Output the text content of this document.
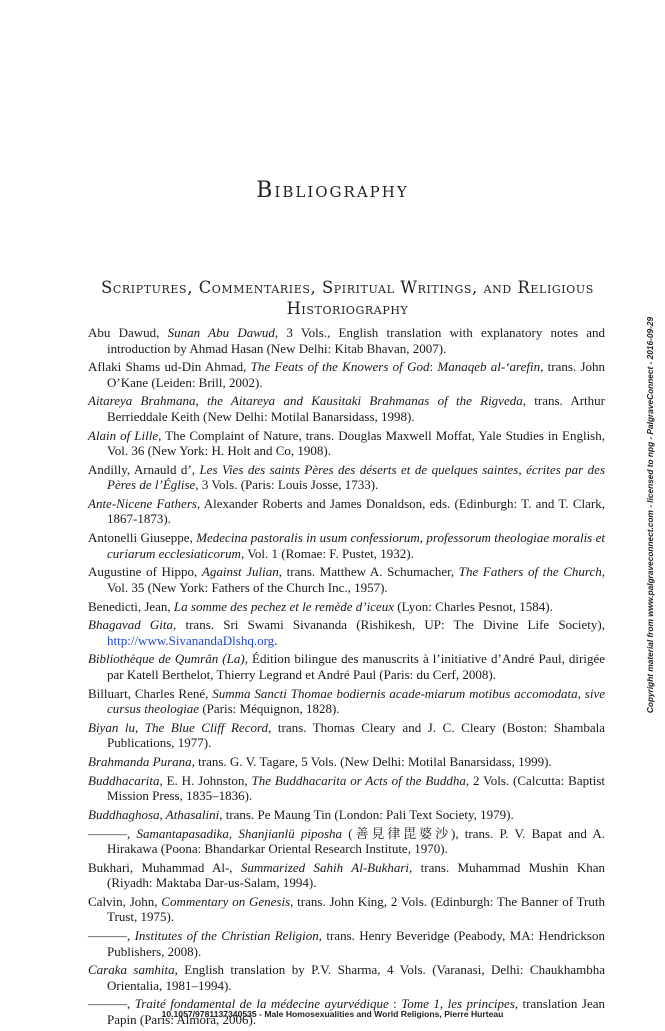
Bibliography
Scriptures, Commentaries, Spiritual Writings, and Religious Historiography

Abu Dawud, Sunan Abu Dawud, 3 Vols., English translation with explanatory notes and introduction by Ahmad Hasan (New Delhi: Kitab Bhavan, 2007).

Aflaki Shams ud-Din Ahmad, The Feats of the Knowers of God: Manaqeb al-‘arefin, trans. John O’Kane (Leiden: Brill, 2002).

Aitareya Brahmana, the Aitareya and Kausitaki Brahmanas of the Rigveda, trans. Arthur Berrieddale Keith (New Delhi: Motilal Banarsidass, 1998).

Alain of Lille, The Complaint of Nature, trans. Douglas Maxwell Moffat, Yale Studies in English, Vol. 36 (New York: H. Holt and Co, 1908).

Andilly, Arnauld d’, Les Vies des saints Pères des déserts et de quelques saintes, écrites par des Pères de l’Église, 3 Vols. (Paris: Louis Josse, 1733).

Ante-Nicene Fathers, Alexander Roberts and James Donaldson, eds. (Edinburgh: T. and T. Clark, 1867-1873).

Antonelli Giuseppe, Medecina pastoralis in usum confessiorum, professorum theologiae moralis et curiarum ecclesiaticorum, Vol. 1 (Romae: F. Pustet, 1932).

Augustine of Hippo, Against Julian, trans. Matthew A. Schumacher, The Fathers of the Church, Vol. 35 (New York: Fathers of the Church Inc., 1957).

Benedicti, Jean, La somme des pechez et le remède d’iceux (Lyon: Charles Pesnot, 1584).

Bhagavad Gita, trans. Sri Swami Sivananda (Rishikesh, UP: The Divine Life Society), http://www.SivanandaDlshq.org.

Bibliothèque de Qumrân (La), Édition bilingue des manuscrits à l’initiative d’André Paul, dirigée par Katell Berthelot, Thierry Legrand et André Paul (Paris: du Cerf, 2008).

Billuart, Charles René, Summa Sancti Thomae bodiernis acade-miarum motibus accomodata, sive cursus theologiae (Paris: Méquignon, 1828).

Biyan lu, The Blue Cliff Record, trans. Thomas Cleary and J. C. Cleary (Boston: Shambala Publications, 1977).

Brahmanda Purana, trans. G. V. Tagare, 5 Vols. (New Delhi: Motilal Banarsidass, 1999).

Buddhacarita, E. H. Johnston, The Buddhacarita or Acts of the Buddha, 2 Vols. (Calcutta: Baptist Mission Press, 1835–1836).

Buddhaghosa, Athasalini, trans. Pe Maung Tin (London: Pali Text Society, 1979).

———, Samantapasadika, Shanjianlü piposha (善見律毘婆沙), trans. P. V. Bapat and A. Hirakawa (Poona: Bhandarkar Oriental Research Institute, 1970).

Bukhari, Muhammad Al-, Summarized Sahih Al-Bukhari, trans. Muhammad Mushin Khan (Riyadh: Maktaba Dar-us-Salam, 1994).

Calvin, John, Commentary on Genesis, trans. John King, 2 Vols. (Edinburgh: The Banner of Truth Trust, 1975).

———, Institutes of the Christian Religion, trans. Henry Beveridge (Peabody, MA: Hendrickson Publishers, 2008).

Caraka samhita, English translation by P.V. Sharma, 4 Vols. (Varanasi, Delhi: Chaukhambha Orientalia, 1981–1994).

———, Traité fondamental de la médecine ayurvédique : Tome 1, les principes, translation Jean Papin (Paris: Almora, 2006).

Copyright material from www.palgraveconnect.com - licensed to npg - PalgraveConnect - 2016-09-29
10.1057/9781137340535 - Male Homosexualities and World Religions, Pierre Hurteau
